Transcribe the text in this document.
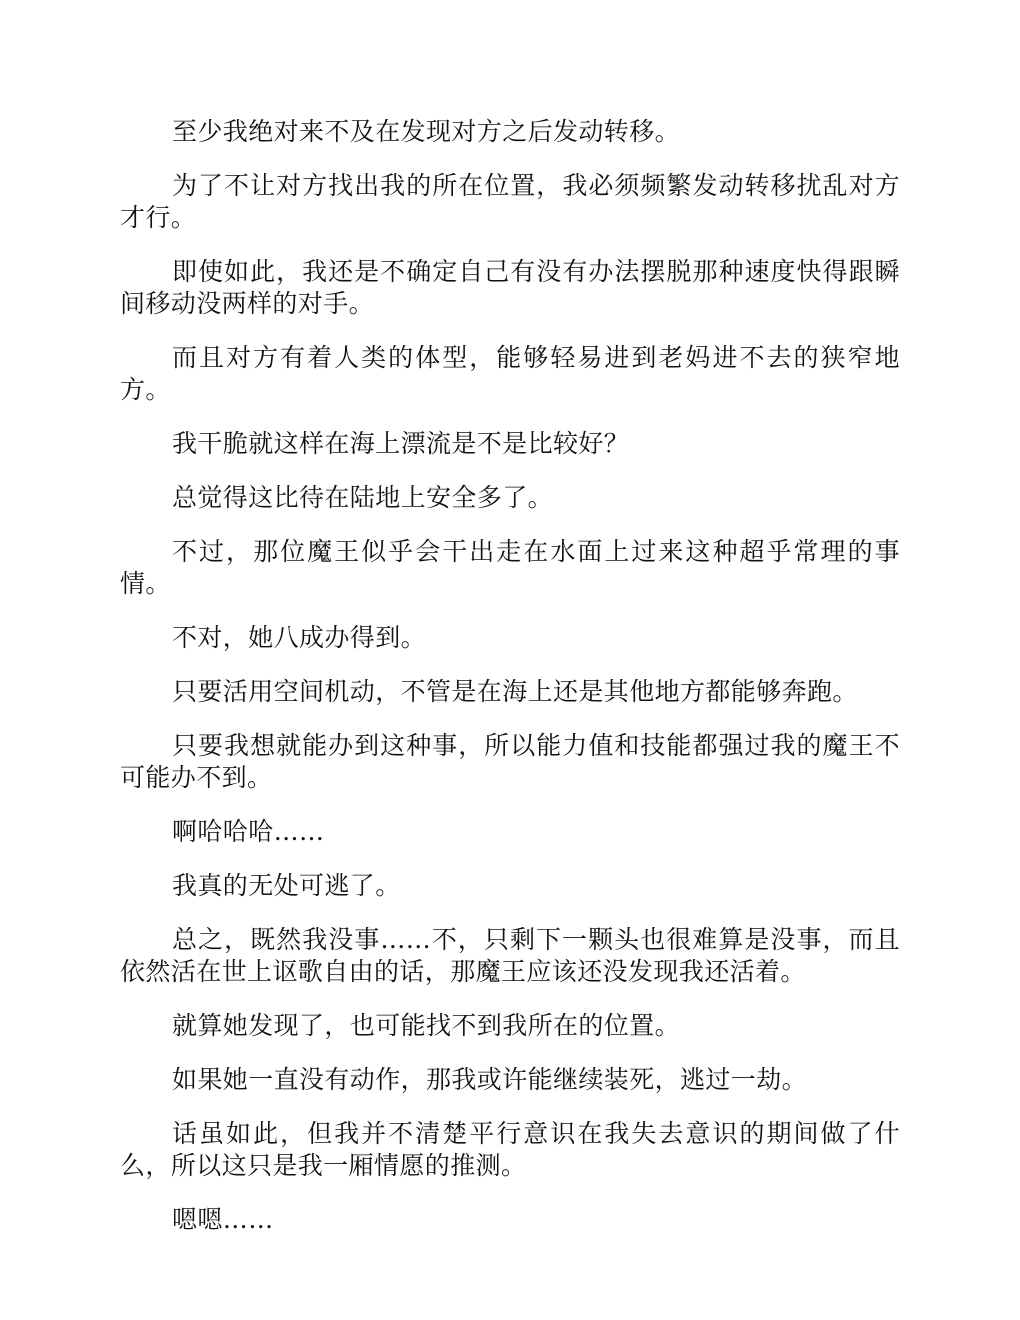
至少我绝对来不及在发现对方之后发动转移。

为了不让对方找出我的所在位置，我必须频繁发动转移扰乱对方才行。

即使如此，我还是不确定自己有没有办法摆脱那种速度快得跟瞬间移动没两样的对手。

而且对方有着人类的体型，能够轻易进到老妈进不去的狭窄地方。

我干脆就这样在海上漂流是不是比较好？

总觉得这比待在陆地上安全多了。

不过，那位魔王似乎会干出走在水面上过来这种超乎常理的事情。

不对，她八成办得到。

只要活用空间机动，不管是在海上还是其他地方都能够奔跑。

只要我想就能办到这种事，所以能力值和技能都强过我的魔王不可能办不到。

啊哈哈哈……

我真的无处可逃了。

总之，既然我没事……不，只剩下一颗头也很难算是没事，而且依然活在世上讴歌自由的话，那魔王应该还没发现我还活着。

就算她发现了，也可能找不到我所在的位置。

如果她一直没有动作，那我或许能继续装死，逃过一劫。

话虽如此，但我并不清楚平行意识在我失去意识的期间做了什么，所以这只是我一厢情愿的推测。

嗯嗯……
